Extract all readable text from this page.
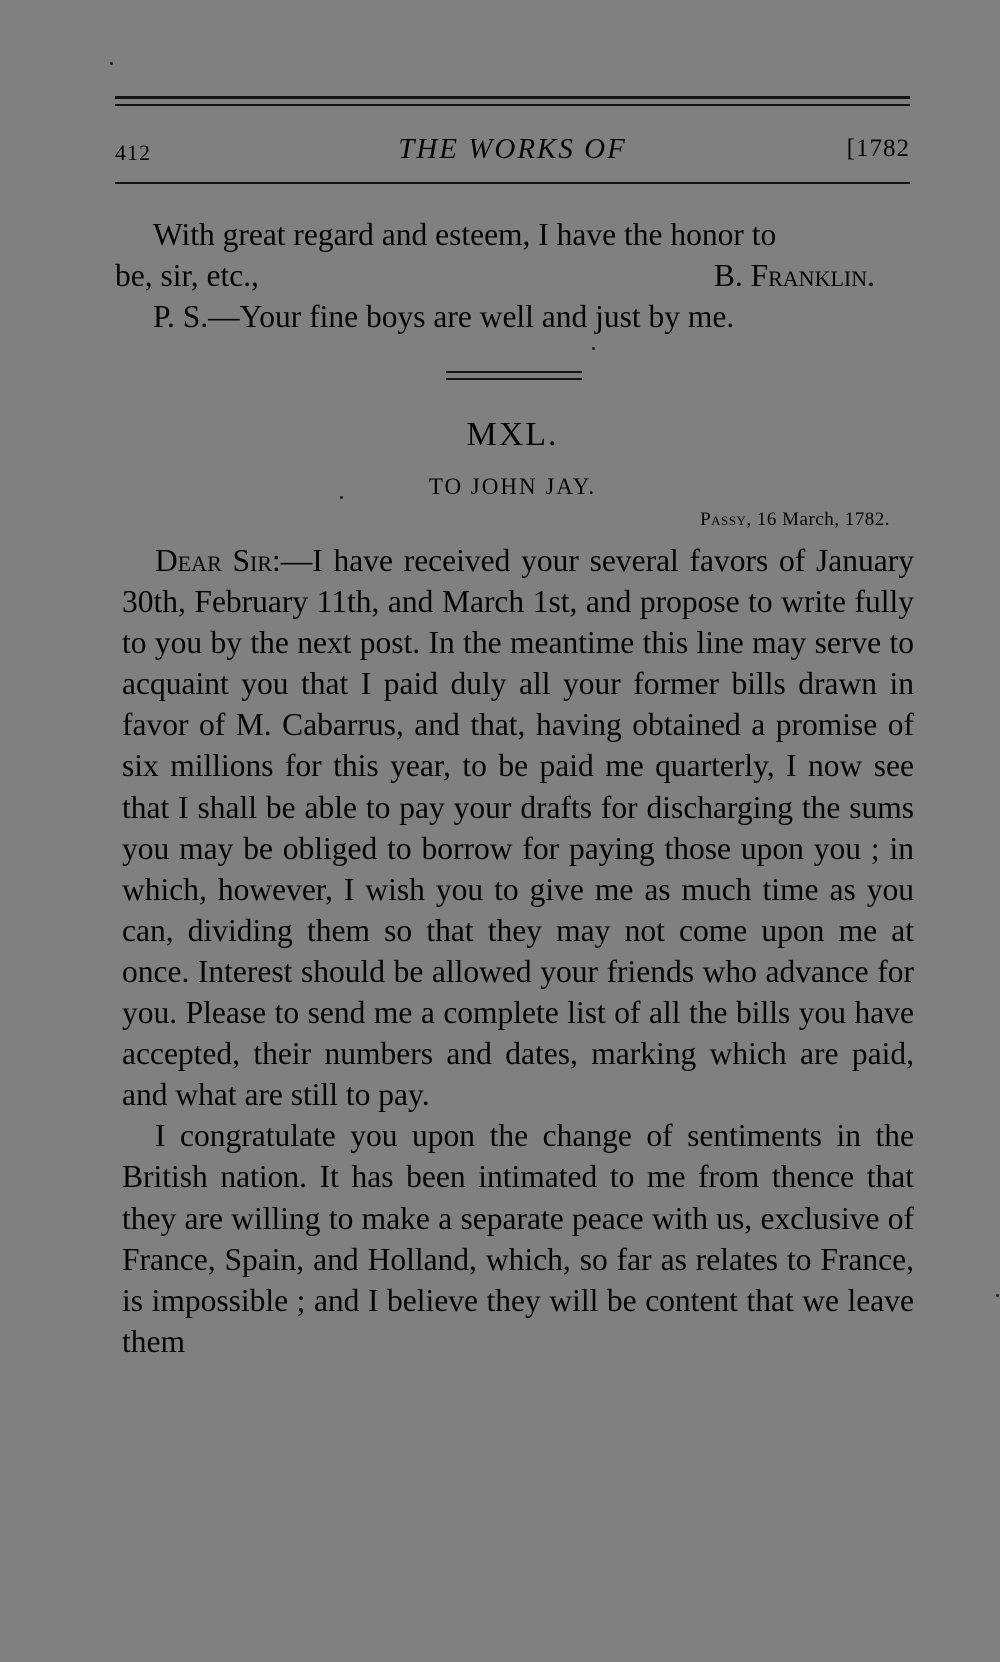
412	THE WORKS OF	[1782
With great regard and esteem, I have the honor to
be, sir, etc.,	B. Franklin.
P. S.—Your fine boys are well and just by me.
MXL.
TO JOHN JAY.
Passy, 16 March, 1782.

Dear Sir:—I have received your several favors of January 30th, February 11th, and March 1st, and propose to write fully to you by the next post. In the meantime this line may serve to acquaint you that I paid duly all your former bills drawn in favor of M. Cabarrus, and that, having obtained a promise of six millions for this year, to be paid me quarterly, I now see that I shall be able to pay your drafts for discharging the sums you may be obliged to borrow for paying those upon you ; in which, however, I wish you to give me as much time as you can, dividing them so that they may not come upon me at once. Interest should be allowed your friends who advance for you. Please to send me a complete list of all the bills you have accepted, their numbers and dates, marking which are paid, and what are still to pay.

I congratulate you upon the change of sentiments in the British nation. It has been intimated to me from thence that they are willing to make a separate peace with us, exclusive of France, Spain, and Holland, which, so far as relates to France, is impossible ; and I believe they will be content that we leave them
